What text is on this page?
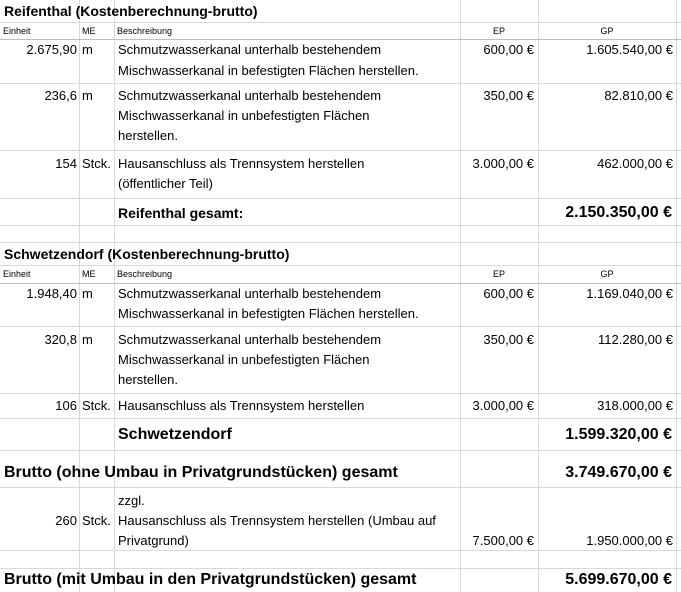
Reifenthal (Kostenberechnung-brutto)
Einheit	ME Beschreibung	EP	GP
2.675,90 m Schmutzwasserkanal unterhalb bestehendem
Mischwasserkanal in befestigten Flächen herstellen.
600,00 €	1.605.540,00 €
236,6 m Schmutzwasserkanal unterhalb bestehendem
Mischwasserkanal in unbefestigten Flächen
herstellen.
350,00 €	82.810,00 €
154 Stck. Hausanschluss als Trennsystem herstellen
(öffentlicher Teil)
3.000,00 €	462.000,00 €
Reifenthal gesamt:	2.150.350,00 €
Schwetzendorf (Kostenberechnung-brutto)
Einheit	ME Beschreibung	EP	GP
1.948,40 m Schmutzwasserkanal unterhalb bestehendem
Mischwasserkanal in befestigten Flächen herstellen.
600,00 €	1.169.040,00 €
320,8 m Schmutzwasserkanal unterhalb bestehendem
Mischwasserkanal in unbefestigten Flächen
herstellen.
350,00 €	112.280,00 €
106 Stck. Hausanschluss als Trennsystem herstellen	3.000,00 €	318.000,00 €
Schwetzendorf	1.599.320,00 €
Brutto (ohne Umbau in Privatgrundstücken) gesamt	3.749.670,00 €
zzgl.
260 Stck. Hausanschluss als Trennsystem herstellen (Umbau auf
Privatgrund)	7.500,00 €	1.950.000,00 €
Brutto (mit Umbau in den Privatgrundstücken) gesamt	5.699.670,00 €
